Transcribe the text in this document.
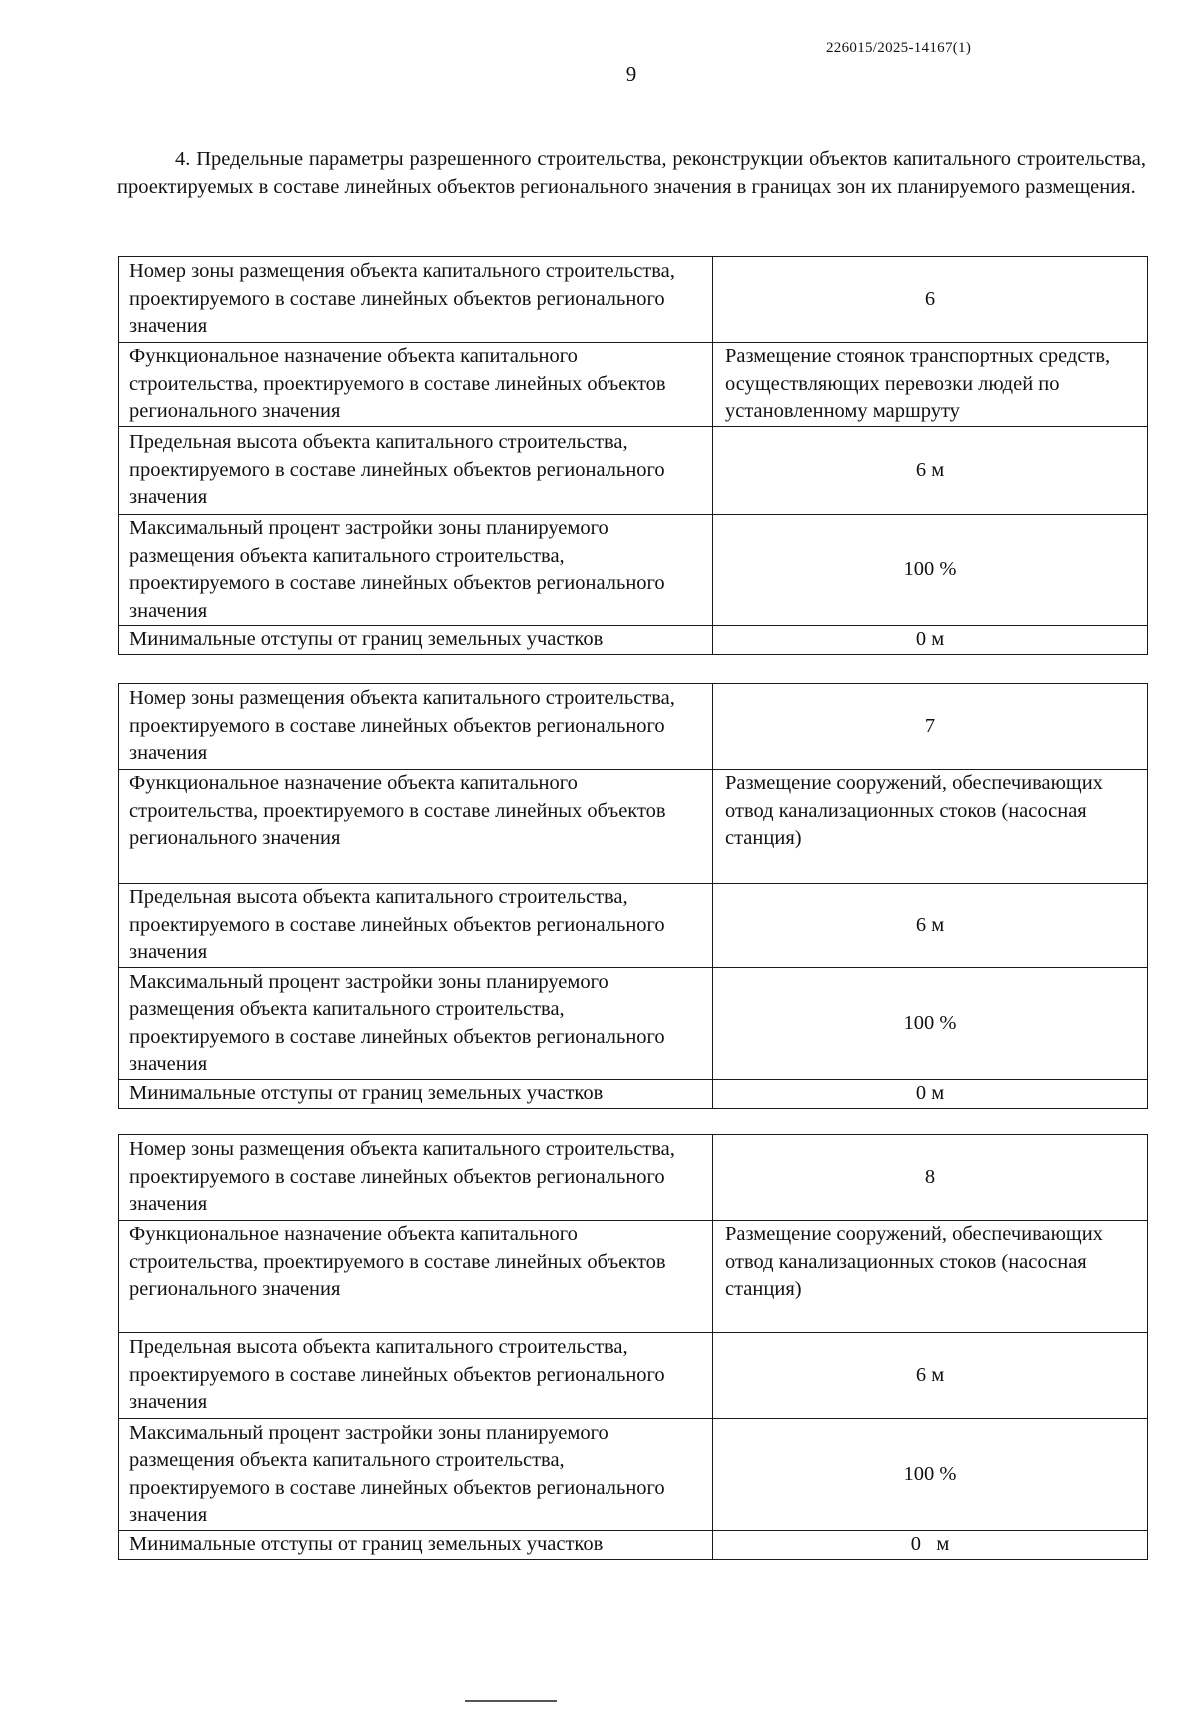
226015/2025-14167(1)
9

4. Предельные параметры разрешенного строительства, реконструкции объектов капитального строительства, проектируемых в составе линейных объектов регионального значения в границах зон их планируемого размещения.

Номер зоны размещения объекта капитального строительства, проектируемого в составе линейных объектов регионального значения	6
Функциональное назначение объекта капитального строительства, проектируемого в составе линейных объектов регионального значения	Размещение стоянок транспортных средств, осуществляющих перевозки людей по установленному маршруту
Предельная высота объекта капитального строительства, проектируемого в составе линейных объектов регионального значения	6 м
Максимальный процент застройки зоны планируемого размещения объекта капитального строительства, проектируемого в составе линейных объектов регионального значения	100 %
Минимальные отступы от границ земельных участков	0 м
Номер зоны размещения объекта капитального строительства, проектируемого в составе линейных объектов регионального значения	7
Функциональное назначение объекта капитального строительства, проектируемого в составе линейных объектов регионального значения	Размещение сооружений, обеспечивающих отвод канализационных стоков (насосная станция)
Предельная высота объекта капитального строительства, проектируемого в составе линейных объектов регионального значения	6 м
Максимальный процент застройки зоны планируемого размещения объекта капитального строительства, проектируемого в составе линейных объектов регионального значения	100 %
Минимальные отступы от границ земельных участков	0 м
Номер зоны размещения объекта капитального строительства, проектируемого в составе линейных объектов регионального значения	8
Функциональное назначение объекта капитального строительства, проектируемого в составе линейных объектов регионального значения	Размещение сооружений, обеспечивающих отвод канализационных стоков (насосная станция)
Предельная высота объекта капитального строительства, проектируемого в составе линейных объектов регионального значения	6 м
Максимальный процент застройки зоны планируемого размещения объекта капитального строительства, проектируемого в составе линейных объектов регионального значения	100 %
Минимальные отступы от границ земельных участков	0   м
